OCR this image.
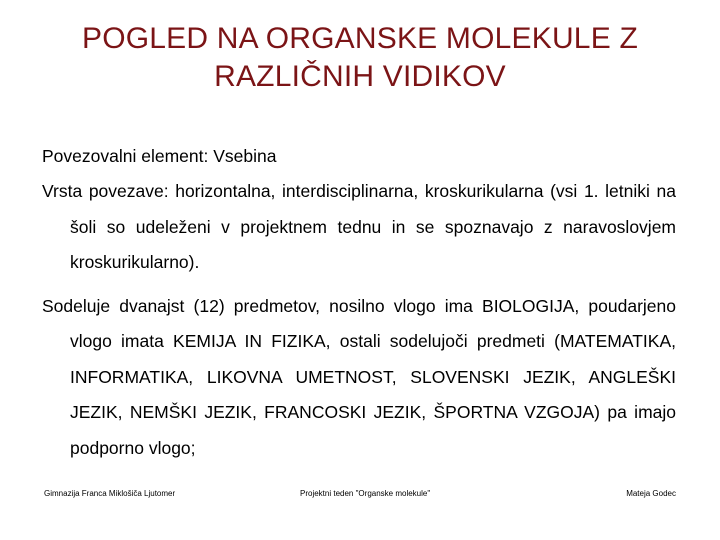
POGLED NA ORGANSKE MOLEKULE Z
RAZLIČNIH VIDIKOV

Povezovalni element: Vsebina

Vrsta povezave: horizontalna, interdisciplinarna, kroskurikularna (vsi 1. letniki na šoli so udeleženi v projektnem tednu in se spoznavajo z naravoslovjem kroskurikularno).

Sodeluje dvanajst (12) predmetov, nosilno vlogo ima BIOLOGIJA, poudarjeno vlogo imata KEMIJA IN FIZIKA, ostali sodelujoči predmeti (MATEMATIKA, INFORMATIKA, LIKOVNA UMETNOST, SLOVENSKI JEZIK, ANGLEŠKI JEZIK, NEMŠKI JEZIK, FRANCOSKI JEZIK, ŠPORTNA VZGOJA) pa imajo podporno vlogo;

Gimnazija Franca Miklošiča Ljutomer	Projektni teden "Organske molekule"	Mateja Godec
